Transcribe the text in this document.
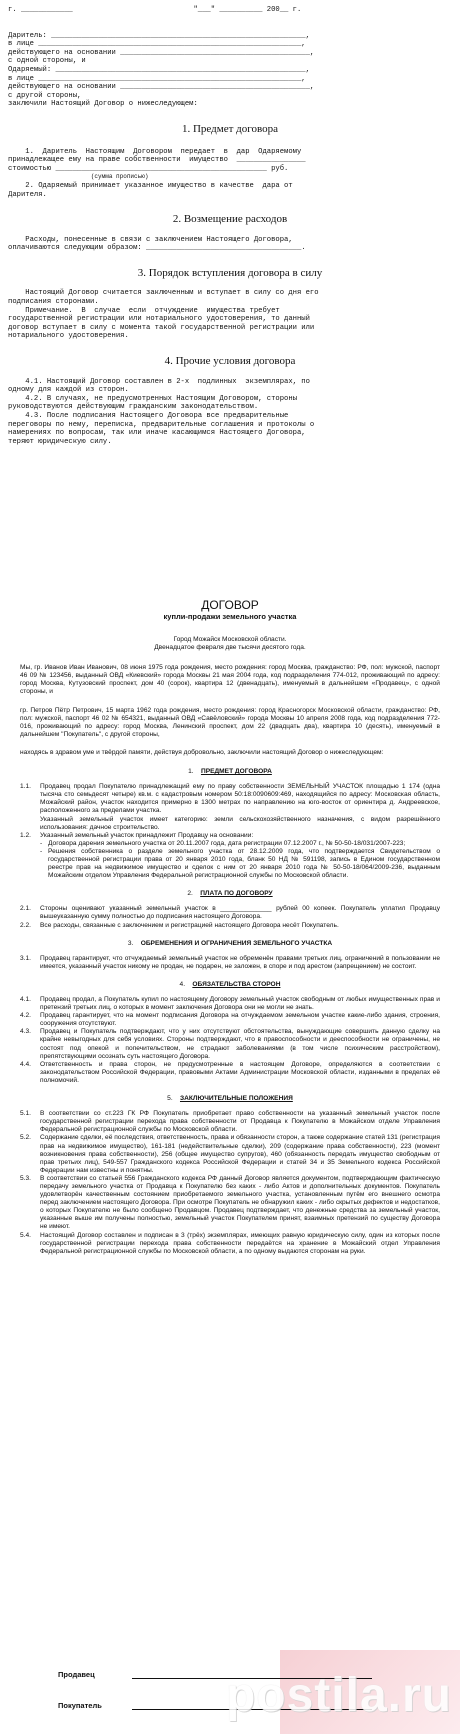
г. ____________                            "___" __________ 200__ г.
Даритель: ___________________________________________________________,
в лице _____________________________________________________________,
действующего на основании ____________________________________________,
с одной стороны, и
Одаряемый: __________________________________________________________,
в лице _____________________________________________________________,
действующего на основании ____________________________________________,
с другой стороны,
заключили Настоящий Договор о нижеследующем:
1. Предмет договора
1.  Даритель  Настоящим  Договором  передает  в  дар  Одаряемому
принадлежащее ему на праве собственности  имущество  ________________
стоимостью _________________________________________________ руб.
(сумма прописью)
2. Одаряемый принимает указанное имущество в качестве  дара от
Дарителя.
2. Возмещение расходов
Расходы, понесенные в связи с заключением Настоящего Договора,
оплачиваются следующим образом: ____________________________________.
3. Порядок вступления договора в силу
Настоящий Договор считается заключенным и вступает в силу со дня его
подписания сторонами.
Примечание.  В  случае  если  отчуждение  имущества требует
государственной регистрации или нотариального удостоверения, то данный
договор вступает в силу с момента такой государственной регистрации или
нотариального удостоверения.
4. Прочие условия договора
4.1. Настоящий Договор составлен в 2-х  подлинных  экземплярах, по
одному для каждой из сторон.
4.2. В случаях, не предусмотренных Настоящим Договором, стороны
руководствуются действующим гражданским законодательством.
4.3. После подписания Настоящего Договора все предварительные
переговоры по нему, переписка, предварительные соглашения и протоколы о
намерениях по вопросам, так или иначе касающимся Настоящего Договора,
теряют юридическую силу.
ДОГОВОР
купли-продажи земельного участка
Город Можайск Московской области.
Двенадцатое февраля две тысячи десятого года.
Мы, гр. Иванов Иван Иванович, 08 июня 1975 года рождения, место рождения: город Москва, гражданство: РФ, пол: мужской, паспорт 46 09 № 123456, выданный ОВД «Киевский» города Москвы 21 мая 2004 года, код подразделения 774-012, проживающий по адресу: город Москва, Кутузовский проспект, дом 40 (сорок), квартира 12 (двенадцать), именуемый в дальнейшем «Продавец», с одной стороны, и
гр. Петров Пётр Петрович, 15 марта 1962 года рождения, место рождения: город Красногорск Московской области, гражданство: РФ, пол: мужской, паспорт 46 02 № 654321, выданный ОВД «Савёловский» города Москвы 10 апреля 2008 года, код подразделения 772-016, проживающий по адресу: город Москва, Ленинский проспект, дом 22 (двадцать два), квартира 10 (десять), именуемый в дальнейшем "Покупатель", с другой стороны,
находясь в здравом уме и твёрдой памяти, действуя добровольно, заключили настоящий Договор о нижеследующем:
1. ПРЕДМЕТ ДОГОВОРА
1.1. Продавец продал Покупателю принадлежащий ему по праву собственности ЗЕМЕЛЬНЫЙ УЧАСТОК площадью 1 174 (одна тысяча сто семьдесят четыре) кв.м. с кадастровым номером 50:18:0090609:469, находящийся по адресу: Московская область, Можайский район, участок находится примерно в 1300 метрах по направлению на юго-восток от ориентира д. Андреевское, расположенного за пределами участка.
Указанный земельный участок имеет категорию: земли сельскохозяйственного назначения, с видом разрешённого использования: дачное строительство.
1.2. Указанный земельный участок принадлежит Продавцу на основании:
- Договора дарения земельного участка от 20.11.2007 года, дата регистрации 07.12.2007 г., № 50-50-18/031/2007-223;
- Решения собственника о разделе земельного участка от 28.12.2009 года, что подтверждается Свидетельством о государственной регистрации права от 20 января 2010 года, бланк 50 НД № 591198, запись в Едином государственном реестре прав на недвижимое имущество и сделок с ним от 20 января 2010 года № 50-50-18/064/2009-236, выданным Можайским отделом Управления Федеральной регистрационной службы по Московской области.
2. ПЛАТА ПО ДОГОВОРУ
2.1. Стороны оценивают указанный земельный участок в ______________ рублей 00 копеек. Покупатель уплатил Продавцу вышеуказанную сумму полностью до подписания настоящего Договора.
2.2. Все расходы, связанные с заключением и регистрацией настоящего Договора несёт Покупатель.
3. ОБРЕМЕНЕНИЯ И ОГРАНИЧЕНИЯ ЗЕМЕЛЬНОГО УЧАСТКА
3.1. Продавец гарантирует, что отчуждаемый земельный участок не обременён правами третьих лиц, ограничений в пользовании не имеется, указанный участок никому не продан, не подарен, не заложен, в споре и под арестом (запрещением) не состоит.
4. ОБЯЗАТЕЛЬСТВА СТОРОН
4.1. Продавец продал, а Покупатель купил по настоящему Договору земельный участок свободным от любых имущественных прав и претензий третьих лиц, о которых в момент заключения Договора они не могли не знать.
4.2. Продавец гарантирует, что на момент подписания Договора на отчуждаемом земельном участке какие-либо здания, строения, сооружения отсутствуют.
4.3. Продавец и Покупатель подтверждают, что у них отсутствуют обстоятельства, вынуждающие совершить данную сделку на крайне невыгодных для себя условиях. Стороны подтверждают, что в правоспособности и дееспособности не ограничены, не состоят под опекой и попечительством, не страдают заболеваниями (в том числе психическим расстройством), препятствующими осознать суть настоящего Договора.
4.4. Ответственность и права сторон, не предусмотренные в настоящем Договоре, определяются в соответствии с законодательством Российской Федерации, правовыми Актами Администрации Московской области, изданными в пределах её полномочий.
5. ЗАКЛЮЧИТЕЛЬНЫЕ ПОЛОЖЕНИЯ
5.1. В соответствии со ст.223 ГК РФ Покупатель приобретает право собственности на указанный земельный участок после государственной регистрации перехода права собственности от Продавца к Покупателю в Можайском отделе Управления Федеральной регистрационной службы по Московской области.
5.2. Содержание сделки, её последствия, ответственность, права и обязанности сторон, а также содержание статей 131 (регистрация прав на недвижимое имущество), 161-181 (недействительные сделки), 209 (содержание права собственности), 223 (момент возникновения права собственности), 256 (общее имущество супругов), 460 (обязанность передать имущество свободным от прав третьих лиц), 549-557 Гражданского кодекса Российской Федерации и статей 34 и 35 Земельного кодекса Российской Федерации нам известны и понятны.
5.3. В соответствии со статьей 556 Гражданского кодекса РФ данный Договор является документом, подтверждающим фактическую передачу земельного участка от Продавца к Покупателю без каких - либо Актов и дополнительных документов. Покупатель удовлетворён качественным состоянием приобретаемого земельного участка, установленным путём его внешнего осмотра перед заключением настоящего Договора. При осмотре Покупатель не обнаружил каких - либо скрытых дефектов и недостатков, о которых Покупателю не было сообщено Продавцом. Продавец подтверждает, что денежные средства за земельный участок, указанные выше им получены полностью, земельный участок Покупателем принят, взаимных претензий по существу Договора не имеют.
5.4. Настоящий Договор составлен и подписан в 3 (трёх) экземплярах, имеющих равную юридическую силу, один из которых после государственной регистрации перехода права собственности передаётся на хранение в Можайский отдел Управления Федеральной регистрационной службы по Московской области, а по одному выдаются сторонам на руки.
Продавец
Покупатель	postila.ru
